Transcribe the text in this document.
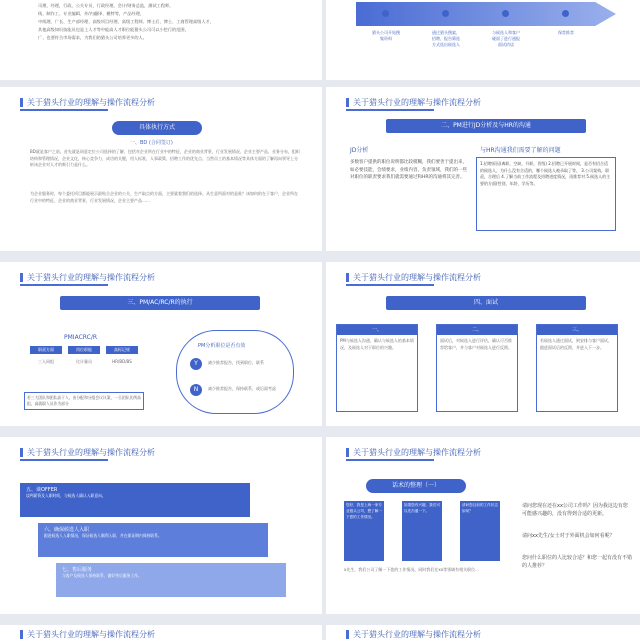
司理、经理，行政、公关专员，行政经理，会计/财务总监，测试工程师，
线、制作工、专业编辑、外/内翻译、模特等，产品经理，
中线理、广长、生产部经理、高级项目经理、高级工程师、博士后、博士、工商管理高级人才，
其他高级知识技能员也是上人才等中能高人才职位能猎头公司可以小挖行的范围，
广、也要符合市场需求，为我们的猎头公司培养更多的人。
猎头公司开始搜集资料
通过猎头搜索，招聘，报告筛选方式选出候选人
与候选人和客户碰面了进行通报面试约谈
保荐推荐
关于猎头行业的理解与操作流程分析
具体执行方式
一、BD (合同签订)
BD就是客户之前，首先就是同意定位公司选择的了解，包括对企业所在行业中的特征，企业的商业背景，行业发展情况，企业主要产品，业务分布，组织结构和管理情况，企业文化，核心竞争力，成功的关键，用人标准，人事政策，招聘工作的优先点。当然员工的基本情况等具体方面的了解再向领导上分析该企业对人才的吸引力是什么。
为企业服务时，每个委托项目都能展示最贴合企业的公关、生产取点的方面，主要就着我们的选择。从生意所面对的是谁？该如何的在于客户，企业所在行业中的特征，企业的商业背景，行业发展情况，企业主要产品……
关于猎头行业的理解与操作流程分析
二、PM进行JD分析及与HR的沟通
JD分析
多数客户提供的职位说明都比较模糊，我们要善于提出来，如必要技能，会绩要求，业绩内容，负责领域，我们的一些对职位的职责要求我们就需要通过和HR的沟通将其完善。
与HR沟通我们需要了解的问题
1.招聘原因(离职，空缺，升职，晋级) 2.招聘已开展时间，是否有招合适的候选人，为什么没有合适的，哪个候选人被录取了等。 3.公司架构，职责，合理后 4.了解当前工作流程及招聘进度情况，再推荐对 5.候选人的主要的方面(性别，年龄，学历等。
关于猎头行业的理解与操作流程分析
三、PM/AC/RC/R的执行
PMIACRC/R
职责方面	岗位职能	高标记规
三人同组	比计量员	HR/BD/BS
若三大团队和团队高于人，由分配和分组会议议案，一旦团队比例高组，高就职人员作为部分
PM分析职位是否有效
Y	减少推荐报告，找到职位，联系
N	减少推荐报告，保持联系，或后面考虑
关于猎头行业的理解与操作流程分析
四、面试
一、
PM与候选人沟通、确认与候选人的基本情况，及候选人对于职位的兴趣。
二、
面试后，对候选人进行评估，确认可否推荐给客户，并与客户对候选人进行反馈。
三、
若候选人通过面试，则安排与客户面试，跟进面试后的反馈，并进入下一步。
关于猎头行业的理解与操作流程分析
五、谈OFFER
谈判薪资及入职时间，与候选人确认入职意向。
六、确保候选人入职
跟进候选人入职情况，保证候选人顺利入职，并在保证期内保持联系。
七、售后服务
与客户及候选人保持联系，做好售后服务工作。
关于猎头行业的理解与操作流程分析
话术的整理（一）
您好，我是上海一家专业猎头公司，想了解一下您的工作情况。
如果您有兴趣，我们可以先沟通一下。
请问您目前的工作状态如何？
x先生，我们公司了解一下您的工作情况，同时我们在xx等领域有相关职位...
请问您现在还在xx公司工作吗？因为我这边有您可能感兴趣的，没有得到合适的更新。
请问xx先生/女士对于外面机会如何看呢？
您问什么职位的人比较合适？和您一起有没有不错的人推荐？
关于猎头行业的理解与操作流程分析	关于猎头行业的理解与操作流程分析
